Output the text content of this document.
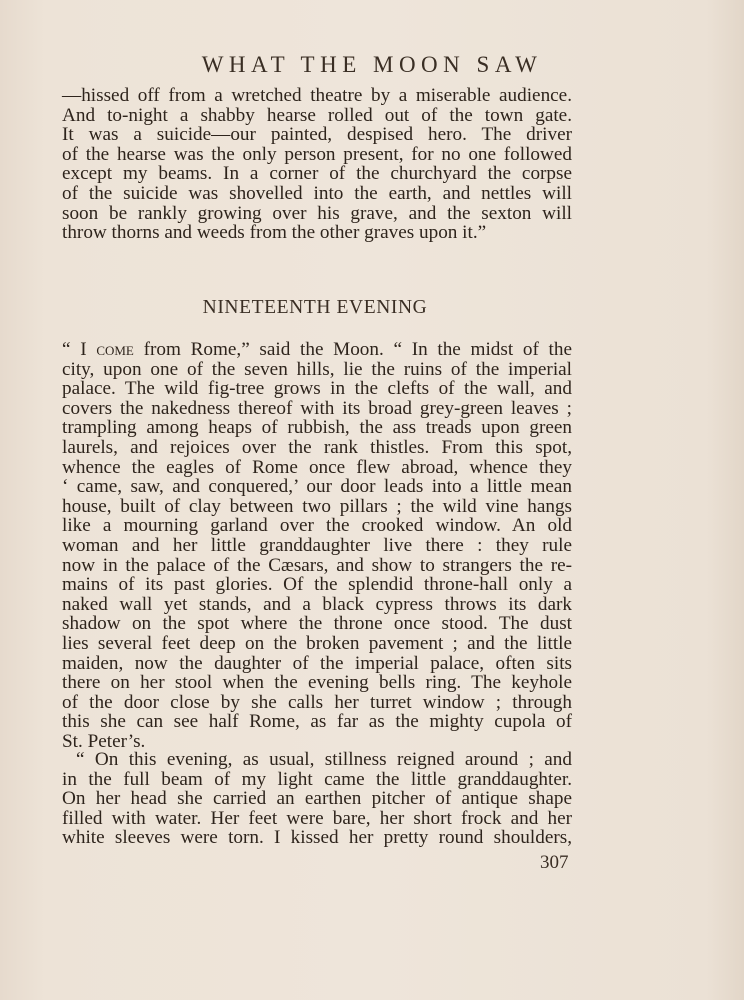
WHAT THE MOON SAW
—hissed off from a wretched theatre by a miserable audience.
And to-night a shabby hearse rolled out of the town gate.
It was a suicide—our painted, despised hero. The driver
of the hearse was the only person present, for no one followed
except my beams. In a corner of the churchyard the corpse
of the suicide was shovelled into the earth, and nettles will
soon be rankly growing over his grave, and the sexton will
throw thorns and weeds from the other graves upon it.”
NINETEENTH EVENING
“ I come from Rome,” said the Moon. “ In the midst of the
city, upon one of the seven hills, lie the ruins of the imperial
palace. The wild fig-tree grows in the clefts of the wall, and
covers the nakedness thereof with its broad grey-green leaves ;
trampling among heaps of rubbish, the ass treads upon green
laurels, and rejoices over the rank thistles. From this spot,
whence the eagles of Rome once flew abroad, whence they
‘ came, saw, and conquered,’ our door leads into a little mean
house, built of clay between two pillars ; the wild vine hangs
like a mourning garland over the crooked window. An old
woman and her little granddaughter live there : they rule
now in the palace of the Cæsars, and show to strangers the re-
mains of its past glories. Of the splendid throne-hall only a
naked wall yet stands, and a black cypress throws its dark
shadow on the spot where the throne once stood. The dust
lies several feet deep on the broken pavement ; and the little
maiden, now the daughter of the imperial palace, often sits
there on her stool when the evening bells ring. The keyhole
of the door close by she calls her turret window ; through
this she can see half Rome, as far as the mighty cupola of
St. Peter’s.
“ On this evening, as usual, stillness reigned around ; and
in the full beam of my light came the little granddaughter.
On her head she carried an earthen pitcher of antique shape
filled with water. Her feet were bare, her short frock and her
white sleeves were torn. I kissed her pretty round shoulders,
307
